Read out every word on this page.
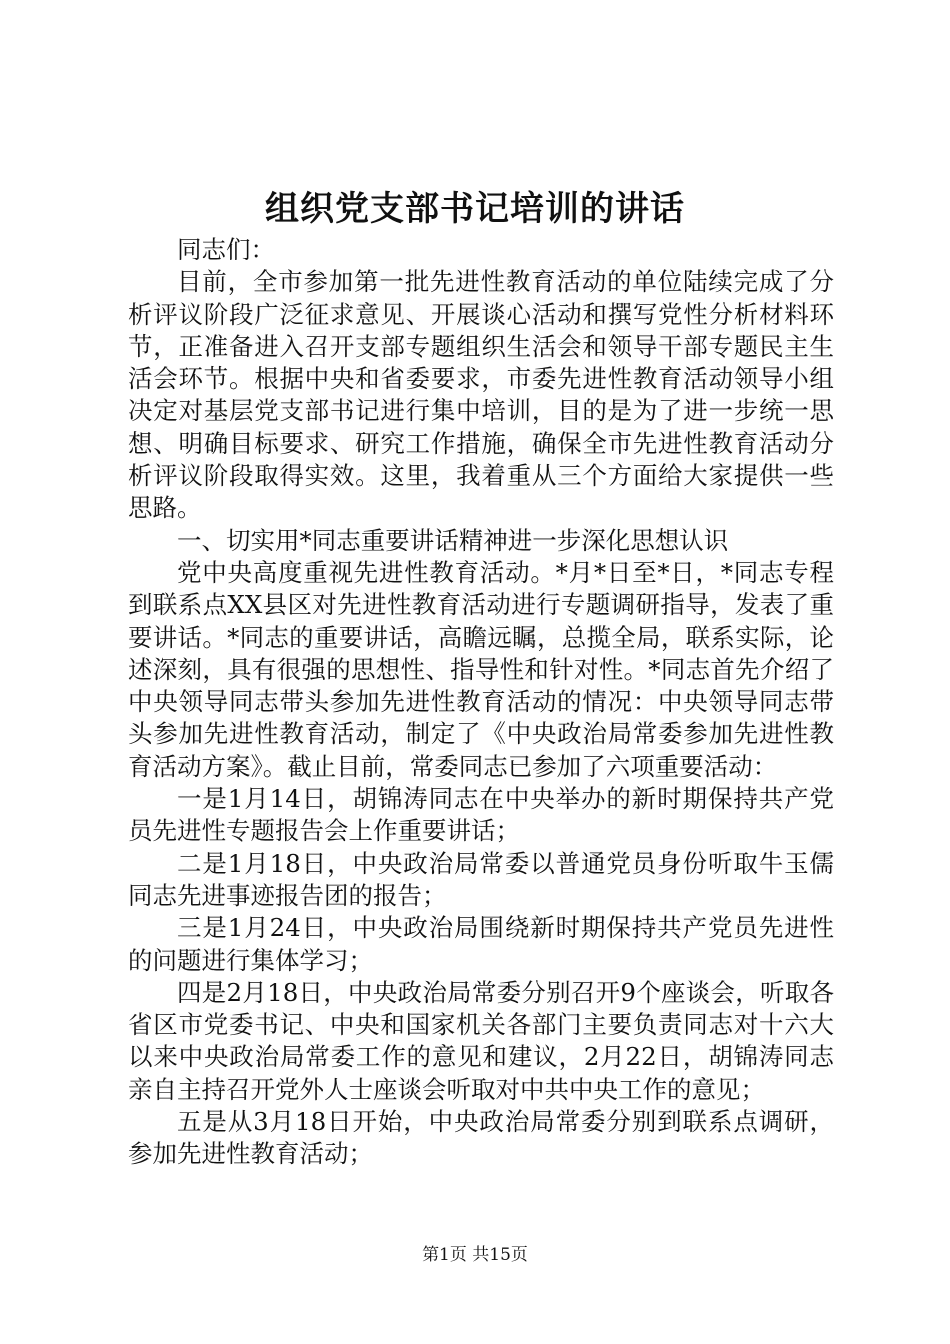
组织党支部书记培训的讲话

同志们：

目前，全市参加第一批先进性教育活动的单位陆续完成了分析评议阶段广泛征求意见、开展谈心活动和撰写党性分析材料环节，正准备进入召开支部专题组织生活会和领导干部专题民主生活会环节。根据中央和省委要求，市委先进性教育活动领导小组决定对基层党支部书记进行集中培训，目的是为了进一步统一思想、明确目标要求、研究工作措施，确保全市先进性教育活动分析评议阶段取得实效。这里，我着重从三个方面给大家提供一些思路。

一、切实用*同志重要讲话精神进一步深化思想认识

党中央高度重视先进性教育活动。*月*日至*日，*同志专程到联系点XX县区对先进性教育活动进行专题调研指导，发表了重要讲话。*同志的重要讲话，高瞻远瞩，总揽全局，联系实际，论述深刻，具有很强的思想性、指导性和针对性。*同志首先介绍了中央领导同志带头参加先进性教育活动的情况：中央领导同志带头参加先进性教育活动，制定了《中央政治局常委参加先进性教育活动方案》。截止目前，常委同志已参加了六项重要活动：

一是1月14日，胡锦涛同志在中央举办的新时期保持共产党员先进性专题报告会上作重要讲话；

二是1月18日，中央政治局常委以普通党员身份听取牛玉儒同志先进事迹报告团的报告；

三是1月24日，中央政治局围绕新时期保持共产党员先进性的问题进行集体学习；

四是2月18日，中央政治局常委分别召开9个座谈会，听取各省区市党委书记、中央和国家机关各部门主要负责同志对十六大以来中央政治局常委工作的意见和建议，2月22日，胡锦涛同志亲自主持召开党外人士座谈会听取对中共中央工作的意见；

五是从3月18日开始，中央政治局常委分别到联系点调研，参加先进性教育活动；

第1页 共15页
